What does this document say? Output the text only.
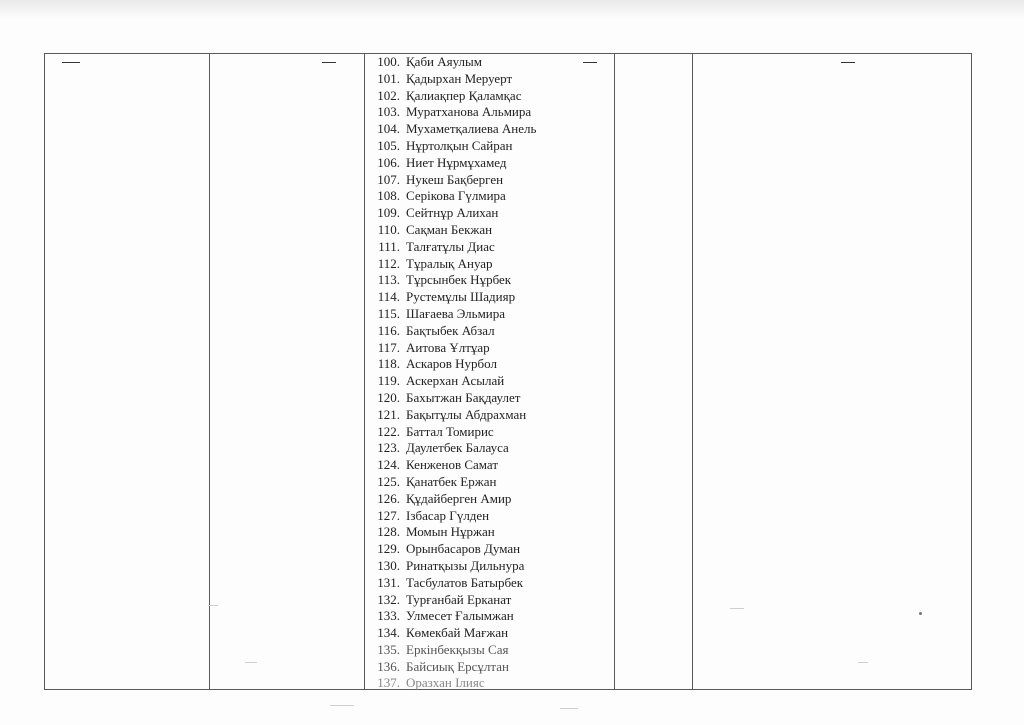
100. Қаби Аяулым
101. Қадырхан Меруерт
102. Қалиақпер Қаламқас
103. Муратханова Альмира
104. Мухаметқалиева Анель
105. Нұртолқын Сайран
106. Ниет Нұрмұхамед
107. Нукеш Бақберген
108. Серікова Гүлмира
109. Сейтнұр Алихан
110. Сақман Бекжан
111. Талғатұлы Диас
112. Тұралық Ануар
113. Тұрсынбек Нұрбек
114. Рустемұлы Шадияр
115. Шағаева Эльмира
116. Бақтыбек Абзал
117. Аитова Ұлтұар
118. Аскаров Нурбол
119. Аскерхан Асылай
120. Бахытжан Бақдаулет
121. Бақытұлы Абдрахман
122. Баттал Томирис
123. Даулетбек Балауса
124. Кенженов Самат
125. Қанатбек Ержан
126. Құдайберген Амир
127. Ізбасар Гүлден
128. Момын Нұржан
129. Орынбасаров Думан
130. Ринатқызы Дильнура
131. Тасбулатов Батырбек
132. Турғанбай Ерканат
133. Улмесет Ғалымжан
134. Көмекбай Мағжан
135. Еркінбекқызы Сая
136. Байсиық Ерсұлтан
137. Оразхан Ілияс
